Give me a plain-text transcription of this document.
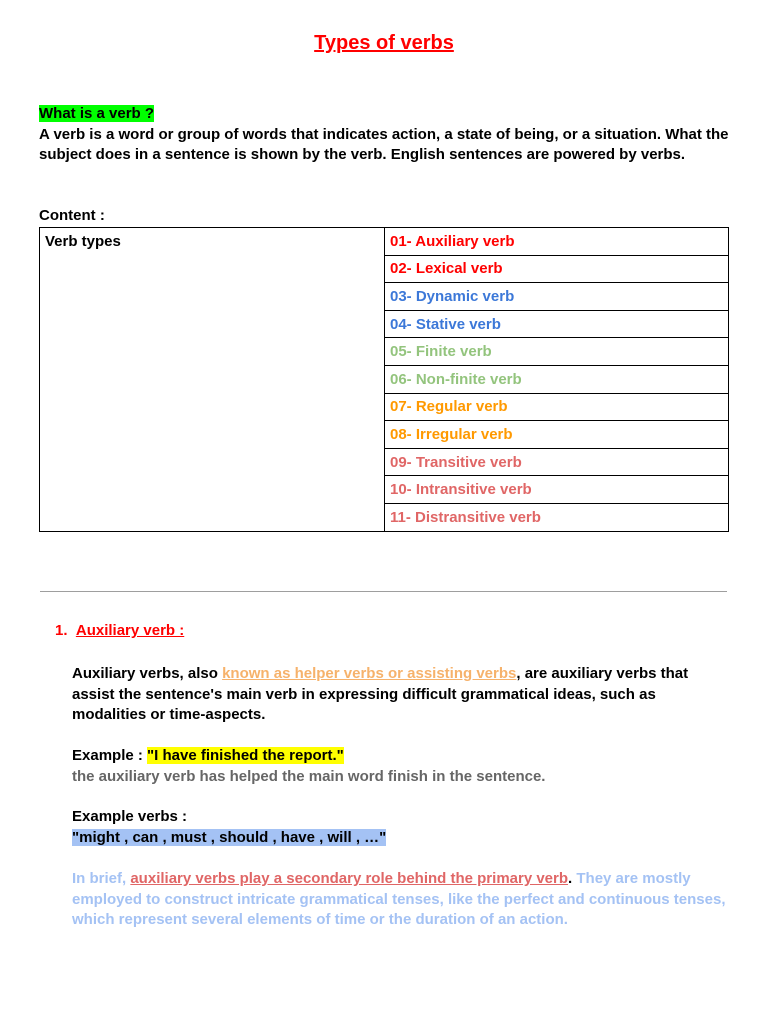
Types of verbs
What is a verb ?
A verb is a word or group of words that indicates action, a state of being, or a situation. What the subject does in a sentence is shown by the verb. English sentences are powered by verbs.
Content :
Verb types	01- Auxiliary verb
02- Lexical verb
03- Dynamic verb
04- Stative verb
05- Finite verb
06- Non-finite verb
07- Regular verb
08- Irregular verb
09- Transitive verb
10- Intransitive verb
11- Distransitive verb
1. Auxiliary verb :
Auxiliary verbs, also known as helper verbs or assisting verbs, are auxiliary verbs that assist the sentence's main verb in expressing difficult grammatical ideas, such as modalities or time-aspects.
Example : "I have finished the report."
the auxiliary verb has helped the main word finish in the sentence.
Example verbs :
"might , can , must , should , have , will , …"
In brief, auxiliary verbs play a secondary role behind the primary verb. They are mostly employed to construct intricate grammatical tenses, like the perfect and continuous tenses, which represent several elements of time or the duration of an action.
